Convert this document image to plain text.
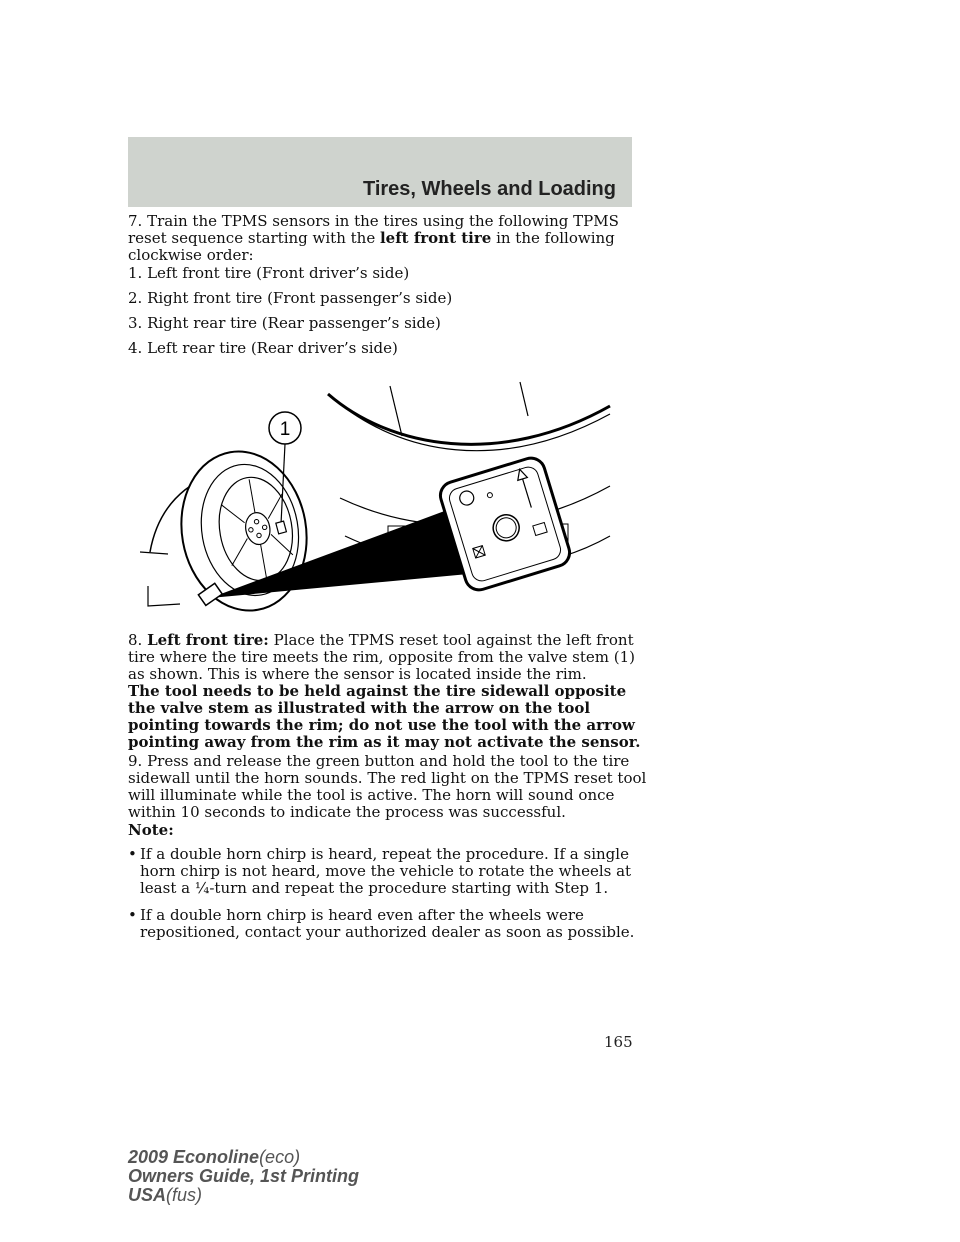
Tires, Wheels and Loading

7. Train the TPMS sensors in the tires using the following TPMS reset sequence starting with the left front tire in the following clockwise order:

1. Left front tire (Front driver’s side)

2. Right front tire (Front passenger’s side)

3. Right rear tire (Rear passenger’s side)

4. Left rear tire (Rear driver’s side)

1

8. Left front tire: Place the TPMS reset tool against the left front tire where the tire meets the rim, opposite from the valve stem (1) as shown. This is where the sensor is located inside the rim.

The tool needs to be held against the tire sidewall opposite the valve stem as illustrated with the arrow on the tool pointing towards the rim; do not use the tool with the arrow pointing away from the rim as it may not activate the sensor.

9. Press and release the green button and hold the tool to the tire sidewall until the horn sounds. The red light on the TPMS reset tool will illuminate while the tool is active. The horn will sound once within 10 seconds to indicate the process was successful.

Note:

• If a double horn chirp is heard, repeat the procedure. If a single horn chirp is not heard, move the vehicle to rotate the wheels at least a ¼-turn and repeat the procedure starting with Step 1.

• If a double horn chirp is heard even after the wheels were repositioned, contact your authorized dealer as soon as possible.

165
2009 Econoline(eco)
Owners Guide, 1st Printing
USA(fus)
